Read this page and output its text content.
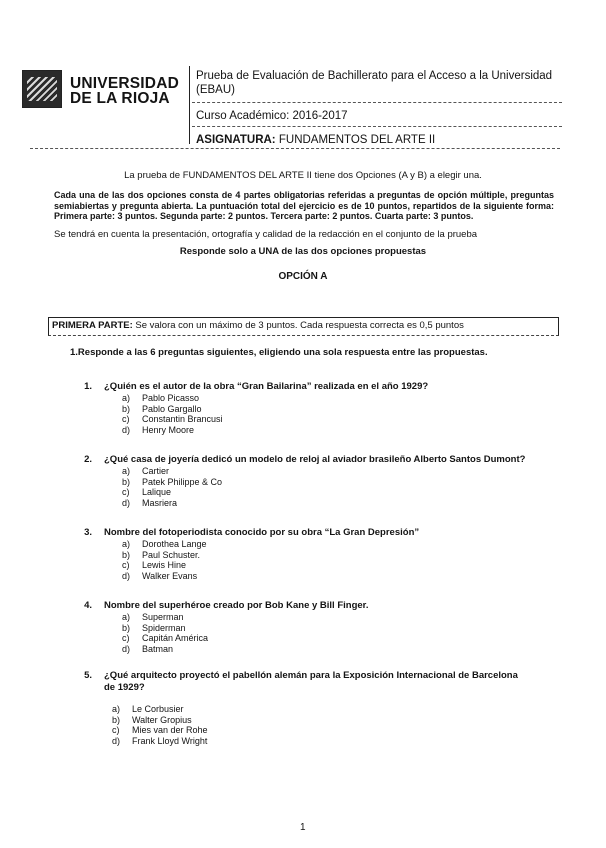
UNIVERSIDAD
DE LA RIOJA
Prueba de Evaluación de Bachillerato para el Acceso a la Universidad
(EBAU)
Curso Académico: 2016-2017
ASIGNATURA: FUNDAMENTOS DEL ARTE II
La prueba de FUNDAMENTOS DEL ARTE II tiene dos Opciones (A y B) a elegir una.
Cada una de las dos opciones consta de 4 partes obligatorias referidas a preguntas de opción múltiple, preguntas semiabiertas y pregunta abierta. La puntuación total del ejercicio es de 10 puntos, repartidos de la siguiente forma: Primera parte: 3 puntos. Segunda parte: 2 puntos. Tercera parte: 2 puntos. Cuarta parte: 3 puntos.
Se tendrá en cuenta la presentación, ortografía y calidad de la redacción en el conjunto de la prueba
Responde solo a UNA de las dos opciones propuestas
OPCIÓN A
PRIMERA PARTE: Se valora con un máximo de 3 puntos. Cada respuesta correcta es 0,5 puntos
1.Responde a las 6 preguntas siguientes, eligiendo una sola respuesta entre las propuestas.
1. ¿Quién es el autor de la obra “Gran Bailarina” realizada en el año 1929?
a) Pablo Picasso
b) Pablo Gargallo
c) Constantin Brancusi
d) Henry Moore
2. ¿Qué casa de joyería dedicó un modelo de reloj al aviador brasileño Alberto Santos Dumont?
a) Cartier
b) Patek Philippe & Co
c) Lalique
d) Masriera
3. Nombre del fotoperiodista conocido por su obra “La Gran Depresión”
a) Dorothea Lange
b) Paul Schuster.
c) Lewis Hine
d) Walker Evans
4. Nombre del superhéroe creado por Bob Kane y Bill Finger.
a) Superman
b) Spiderman
c) Capitán América
d) Batman
5. ¿Qué arquitecto proyectó el pabellón alemán para la Exposición Internacional de Barcelona
de 1929?
a) Le Corbusier
b) Walter Gropius
c) Mies van der Rohe
d) Frank Lloyd Wright
1
